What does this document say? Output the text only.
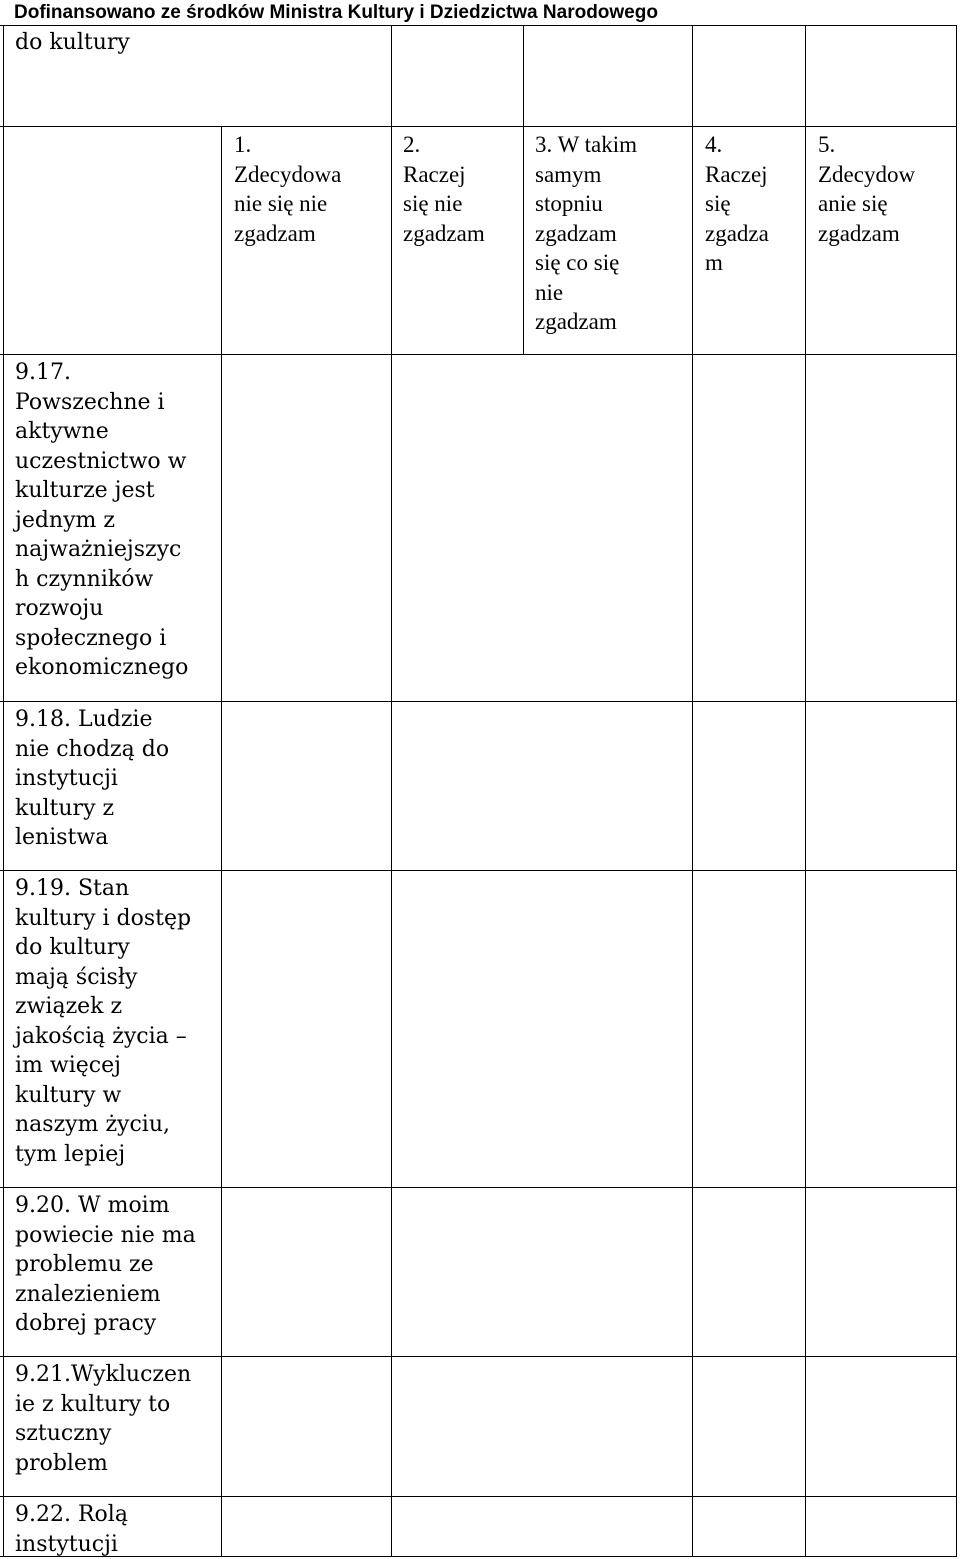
Dofinansowano ze środków Ministra Kultury i Dziedzictwa Narodowego
do kultury
1.
Zdecydowa
nie się nie
zgadzam
2.
Raczej
się nie
zgadzam
3. W takim
samym
stopniu
zgadzam
się co się
nie
zgadzam
4.
Raczej
się
zgadza
m
5.
Zdecydow
anie się
zgadzam
9.17.
Powszechne i
aktywne
uczestnictwo w
kulturze jest
jednym z
najważniejszyc
h czynników
rozwoju
społecznego i
ekonomicznego
9.18. Ludzie
nie chodzą do
instytucji
kultury z
lenistwa
9.19. Stan
kultury i dostęp
do kultury
mają ścisły
związek z
jakością życia –
im więcej
kultury w
naszym życiu,
tym lepiej
9.20. W moim
powiecie nie ma
problemu ze
znalezieniem
dobrej pracy
9.21.Wykluczen
ie z kultury to
sztuczny
problem
9.22. Rolą
instytucji
